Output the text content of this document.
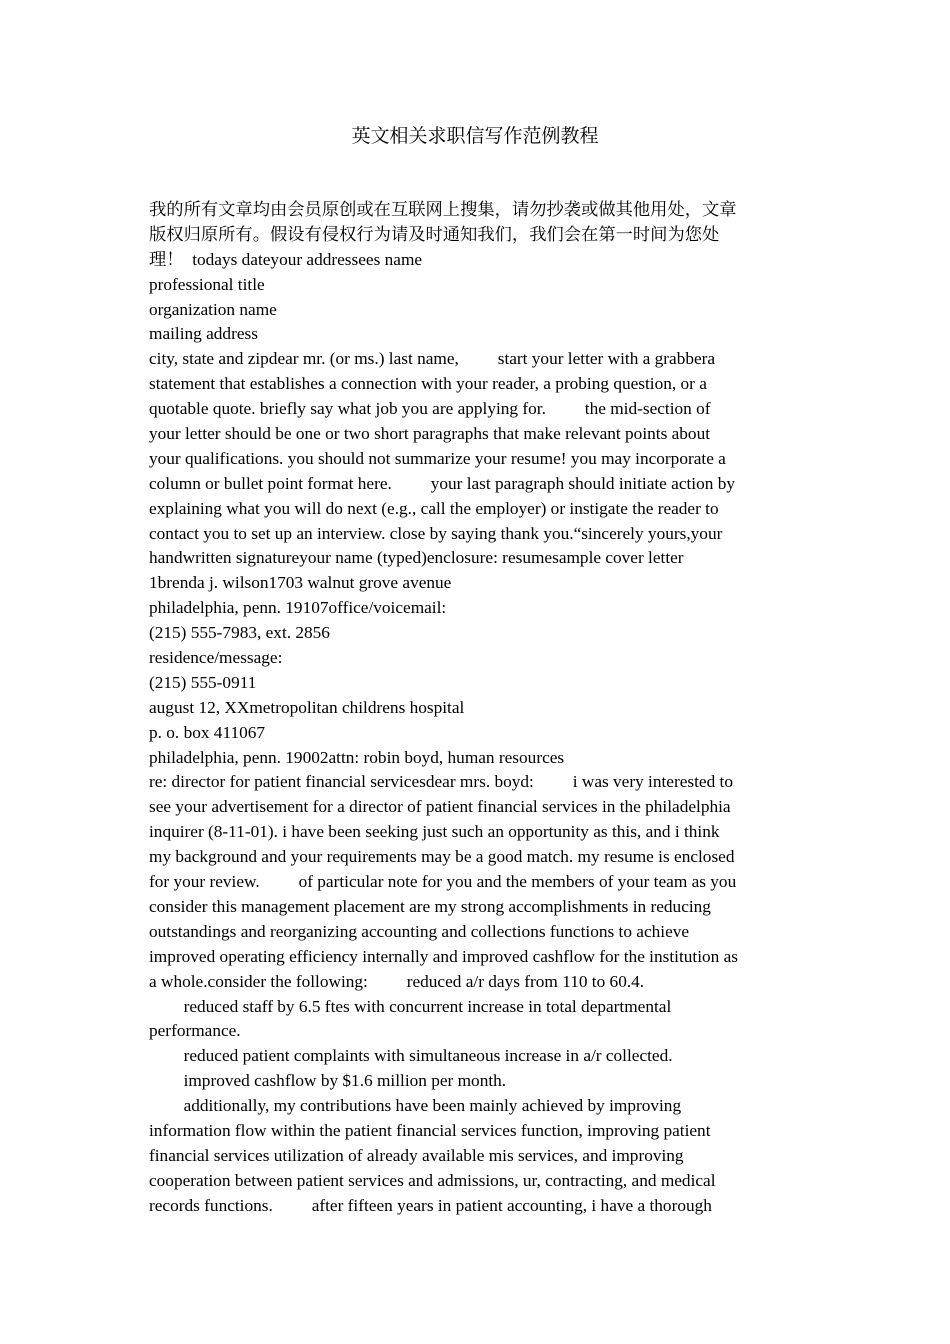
英文相关求职信写作范例教程
我的所有文章均由会员原创或在互联网上搜集，请勿抄袭或做其他用处，文章
版权归原所有。假设有侵权行为请及时通知我们，我们会在第一时间为您处
理！  todays dateyour addressees name
professional title
organization name
mailing address
city, state and zipdear mr. (or ms.) last name,         start your letter with a grabbera
statement that establishes a connection with your reader, a probing question, or a
quotable quote. briefly say what job you are applying for.         the mid-section of
your letter should be one or two short paragraphs that make relevant points about
your qualifications. you should not summarize your resume! you may incorporate a
column or bullet point format here.         your last paragraph should initiate action by
explaining what you will do next (e.g., call the employer) or instigate the reader to
contact you to set up an interview. close by saying thank you.“sincerely yours,your
handwritten signatureyour name (typed)enclosure: resumesample cover letter
1brenda j. wilson1703 walnut grove avenue
philadelphia, penn. 19107office/voicemail:
(215) 555-7983, ext. 2856
residence/message:
(215) 555-0911
august 12, XXmetropolitan childrens hospital
p. o. box 411067
philadelphia, penn. 19002attn: robin boyd, human resources
re: director for patient financial servicesdear mrs. boyd:         i was very interested to
see your advertisement for a director of patient financial services in the philadelphia
inquirer (8-11-01). i have been seeking just such an opportunity as this, and i think
my background and your requirements may be a good match. my resume is enclosed
for your review.         of particular note for you and the members of your team as you
consider this management placement are my strong accomplishments in reducing
outstandings and reorganizing accounting and collections functions to achieve
improved operating efficiency internally and improved cashflow for the institution as
a whole.consider the following:         reduced a/r days from 110 to 60.4.
reduced staff by 6.5 ftes with concurrent increase in total departmental
performance.
reduced patient complaints with simultaneous increase in a/r collected.
improved cashflow by $1.6 million per month.
additionally, my contributions have been mainly achieved by improving
information flow within the patient financial services function, improving patient
financial services utilization of already available mis services, and improving
cooperation between patient services and admissions, ur, contracting, and medical
records functions.         after fifteen years in patient accounting, i have a thorough
